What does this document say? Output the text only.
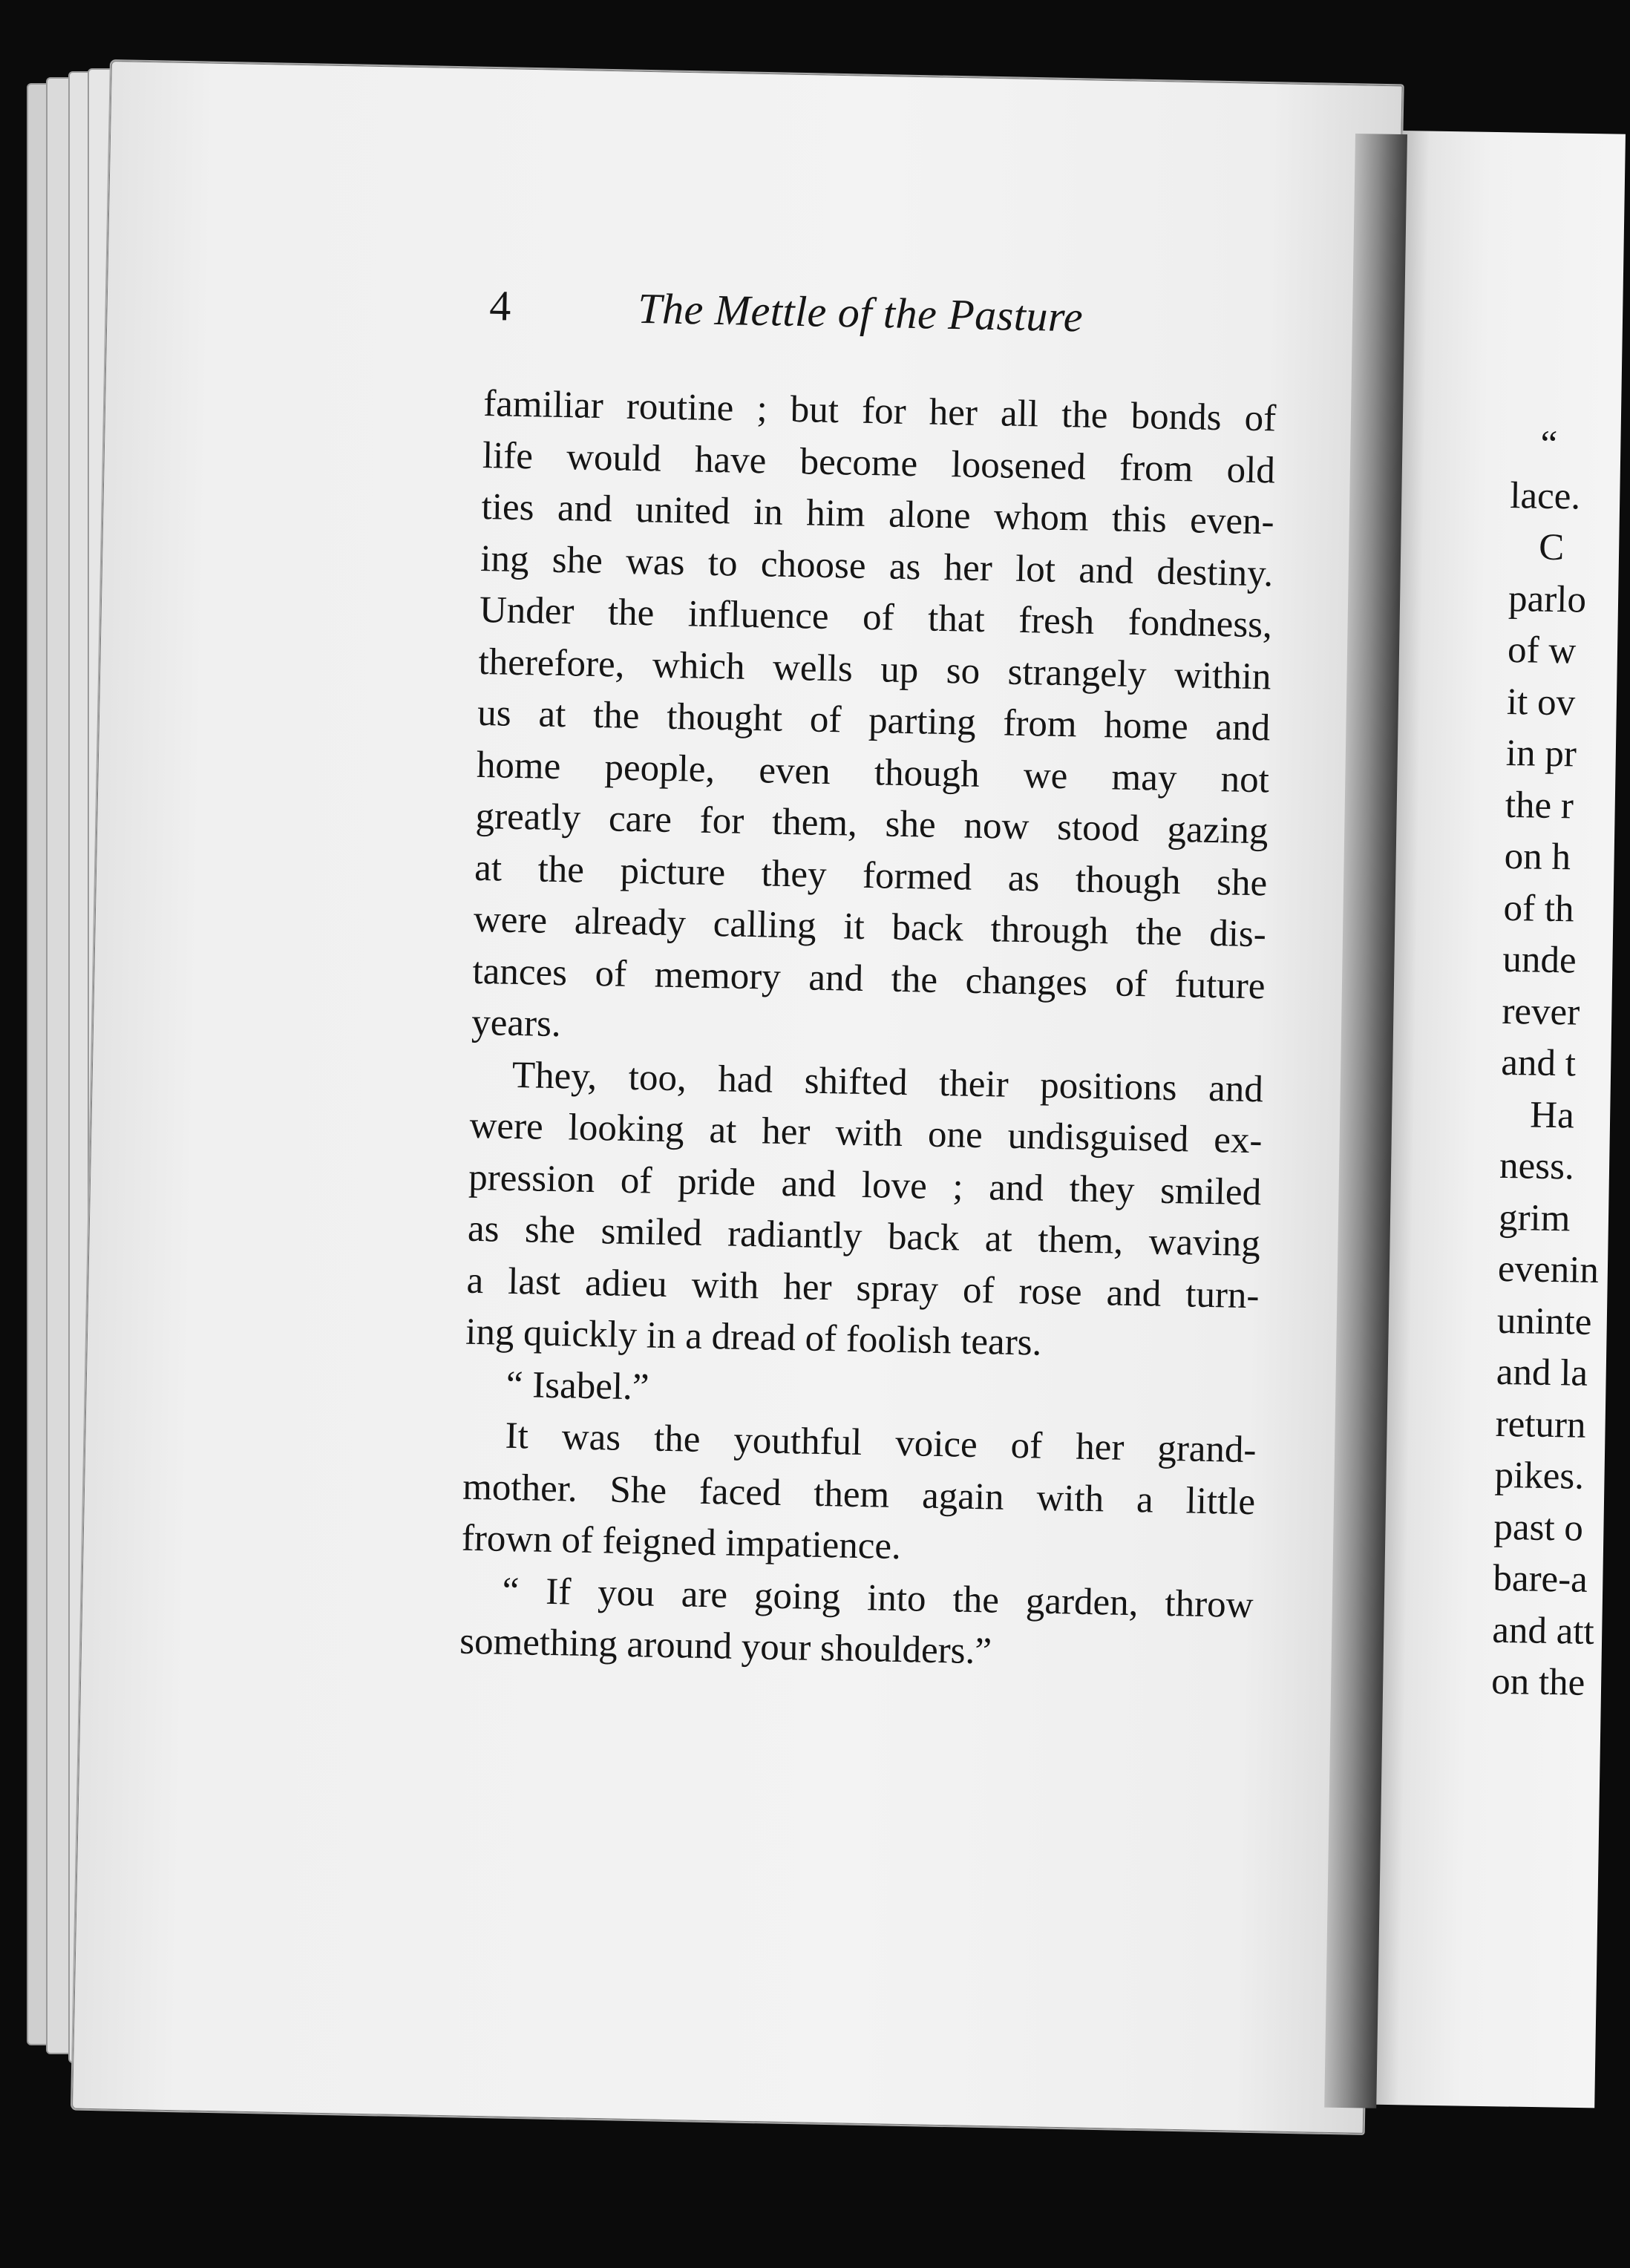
4	The Mettle of the Pasture
familiar routine ; but for her all the bonds of
life would have become loosened from old
ties and united in him alone whom this even-
ing she was to choose as her lot and destiny.
Under the influence of that fresh fondness,
therefore, which wells up so strangely within
us at the thought of parting from home and
home people, even though we may not
greatly care for them, she now stood gazing
at the picture they formed as though she
were already calling it back through the dis-
tances of memory and the changes of future
years.
They, too, had shifted their positions and
were looking at her with one undisguised ex-
pression of pride and love ; and they smiled
as she smiled radiantly back at them, waving
a last adieu with her spray of rose and turn-
ing quickly in a dread of foolish tears.
“ Isabel.”
It was the youthful voice of her grand-
mother. She faced them again with a little
frown of feigned impatience.
“ If you are going into the garden, throw
something around your shoulders.”
“
lace.
C
parlo
of w
it ov
in pr
the r
on h
of th
unde
rever
and t
Ha
ness.
grim
evenin
uninte
and la
return
pikes.
past o
bare-a
and att
on the
